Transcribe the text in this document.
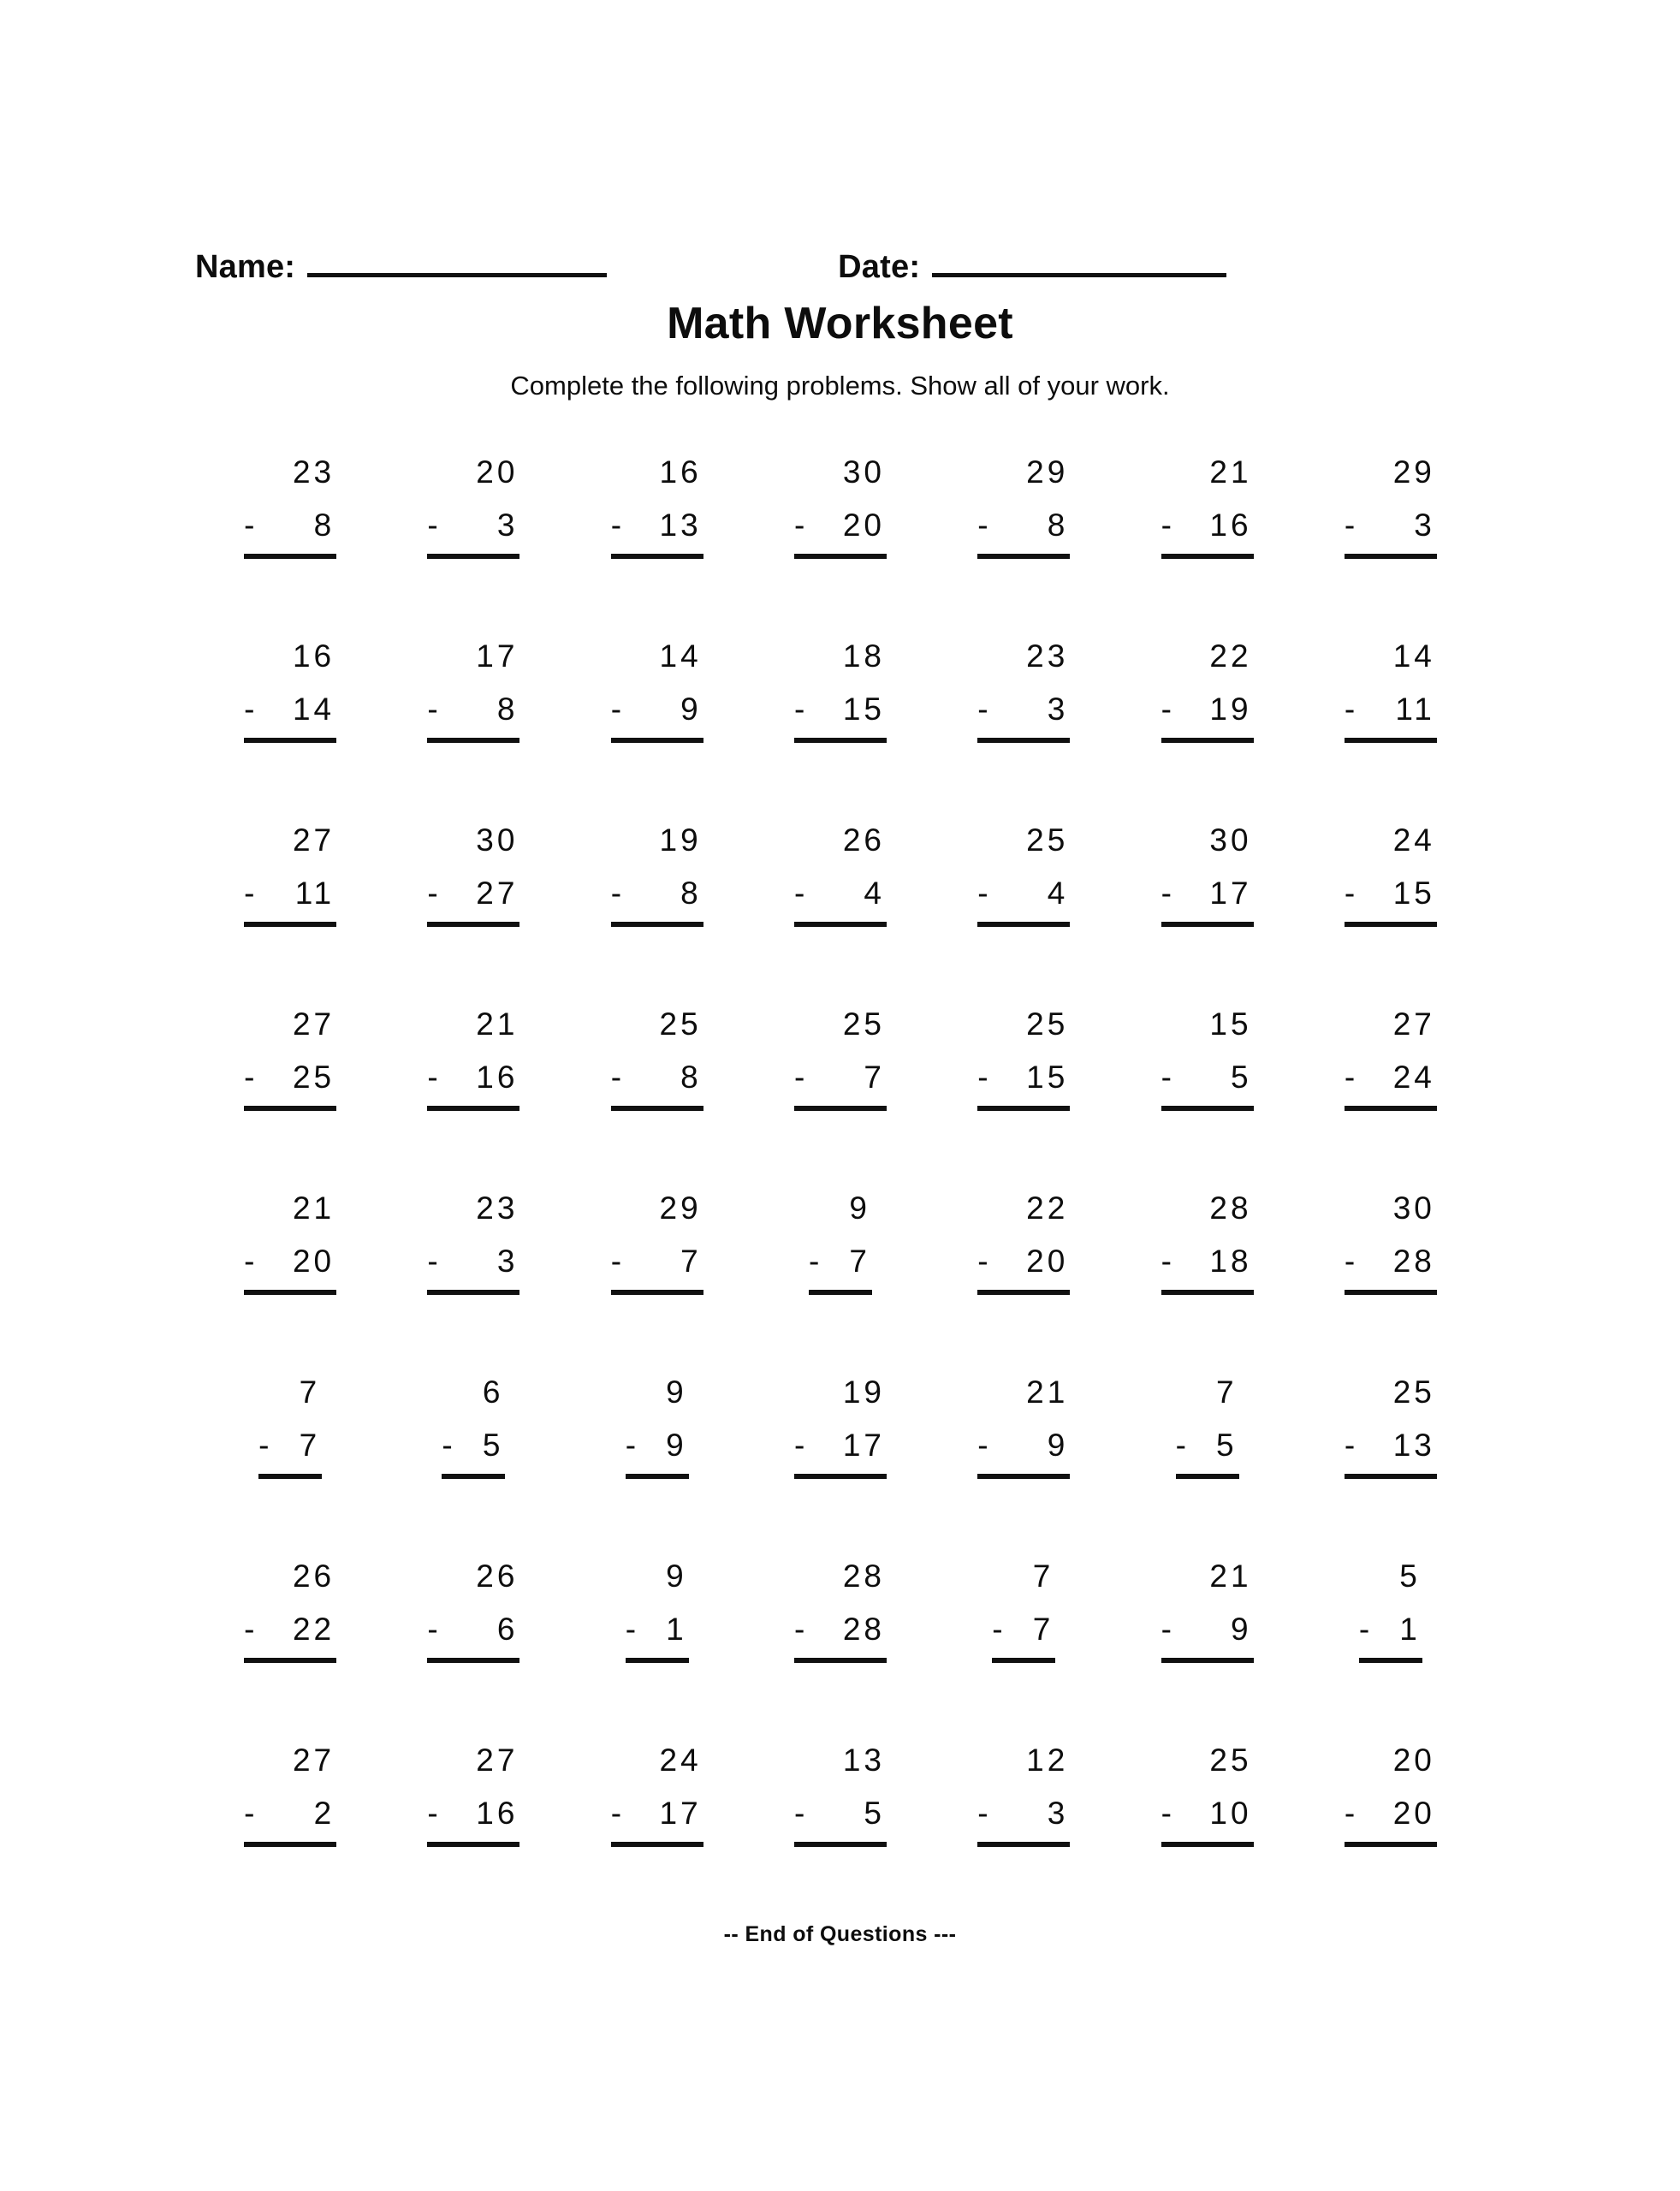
Name:	Date:
Math Worksheet
Complete the following problems. Show all of your work.
23
- 8
20
- 3
16
- 13
30
- 20
29
- 8
21
- 16
29
- 3
16
- 14
17
- 8
14
- 9
18
- 15
23
- 3
22
- 19
14
- 11
27
- 11
30
- 27
19
- 8
26
- 4
25
- 4
30
- 17
24
- 15
27
- 25
21
- 16
25
- 8
25
- 7
25
- 15
15
- 5
27
- 24
21
- 20
23
- 3
29
- 7
9
- 7
22
- 20
28
- 18
30
- 28
7
- 7
6
- 5
9
- 9
19
- 17
21
- 9
7
- 5
25
- 13
26
- 22
26
- 6
9
- 1
28
- 28
7
- 7
21
- 9
5
- 1
27
- 2
27
- 16
24
- 17
13
- 5
12
- 3
25
- 10
20
- 20
-- End of Questions ---
